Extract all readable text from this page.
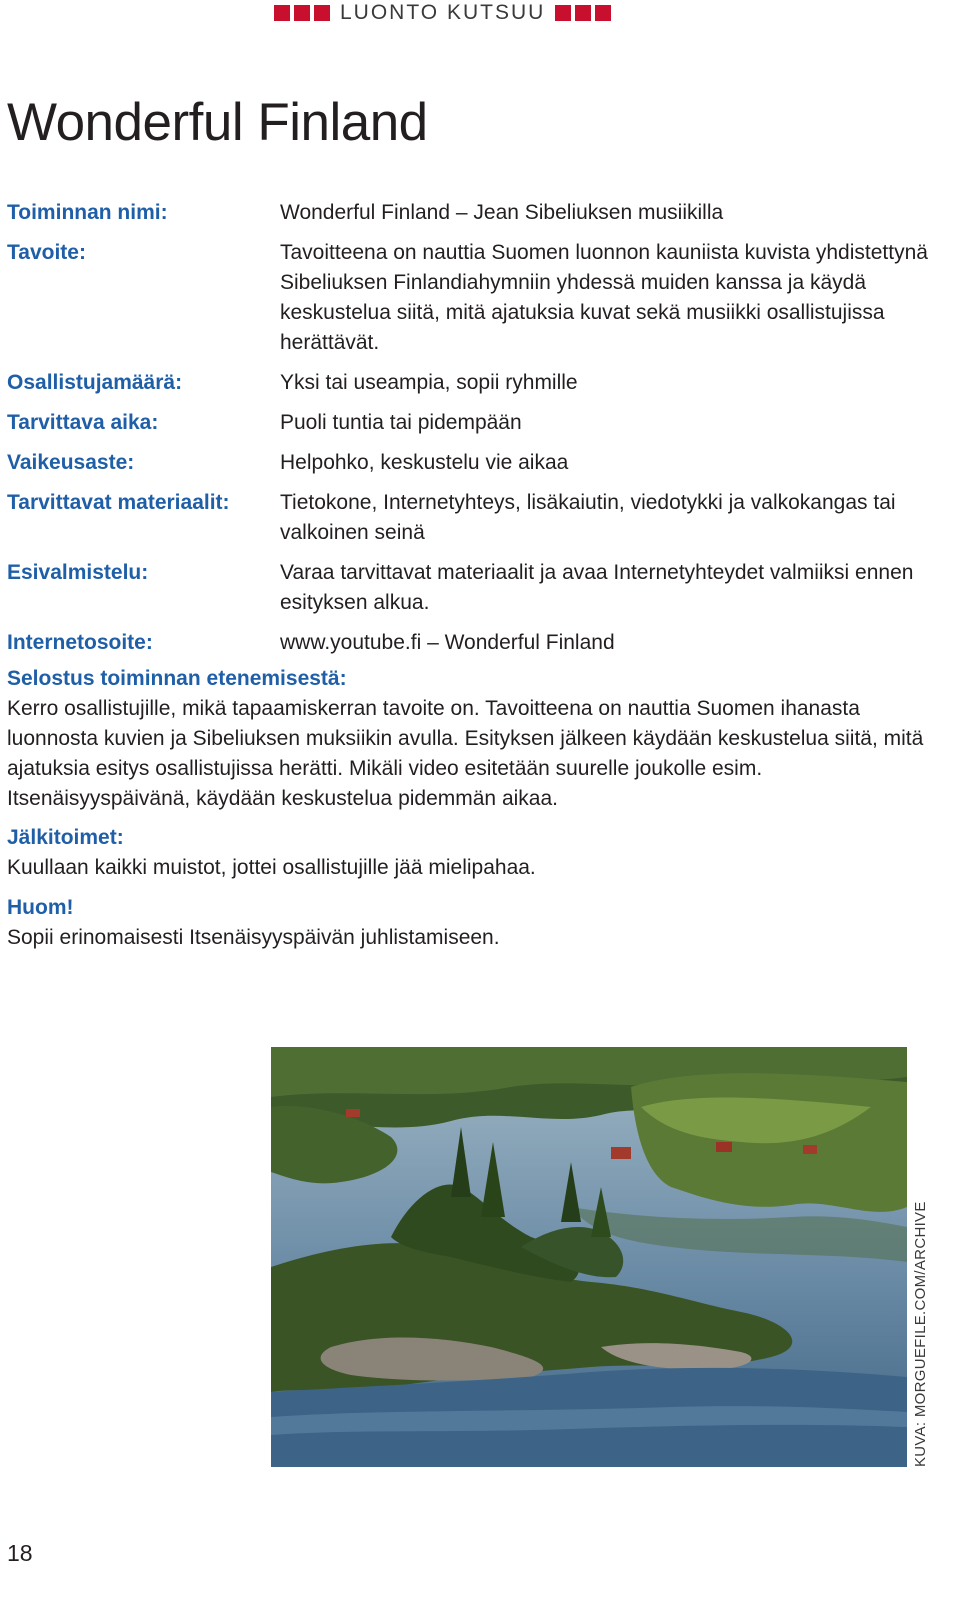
LUONTO KUTSUU
Wonderful Finland
Toiminnan nimi:	Wonderful Finland – Jean Sibeliuksen musiikilla
Tavoite:	Tavoitteena on nauttia Suomen luonnon kauniista kuvista yhdistettynä Sibeliuksen Finlandiahymniin yhdessä muiden kanssa ja käydä keskustelua siitä, mitä ajatuksia kuvat sekä musiikki osallistujissa herättävät.
Osallistujamäärä:	Yksi tai useampia, sopii ryhmille
Tarvittava aika:	Puoli tuntia tai pidempään
Vaikeusaste:	Helpohko, keskustelu vie aikaa
Tarvittavat materiaalit:	Tietokone, Internetyhteys, lisäkaiutin, viedotykki ja valkokangas tai valkoinen seinä
Esivalmistelu:	Varaa tarvittavat materiaalit ja avaa Internetyhteydet valmiiksi ennen esityksen alkua.
Internetosoite:	www.youtube.fi – Wonderful Finland
Selostus toiminnan etenemisestä:
Kerro osallistujille, mikä tapaamiskerran tavoite on. Tavoitteena on nauttia Suomen ihanasta luonnosta kuvien ja Sibeliuksen muksiikin avulla. Esityksen jälkeen käydään keskustelua siitä, mitä ajatuksia esitys osallistujissa herätti. Mikäli video esitetään suurelle joukolle esim. Itsenäisyyspäivänä, käydään keskustelua pidemmän aikaa.
Jälkitoimet:
Kuullaan kaikki muistot, jottei osallistujille jää mielipahaa.
Huom!
Sopii erinomaisesti Itsenäisyyspäivän juhlistamiseen.
KUVA: MORGUEFILE.COM/ARCHIVE
18
